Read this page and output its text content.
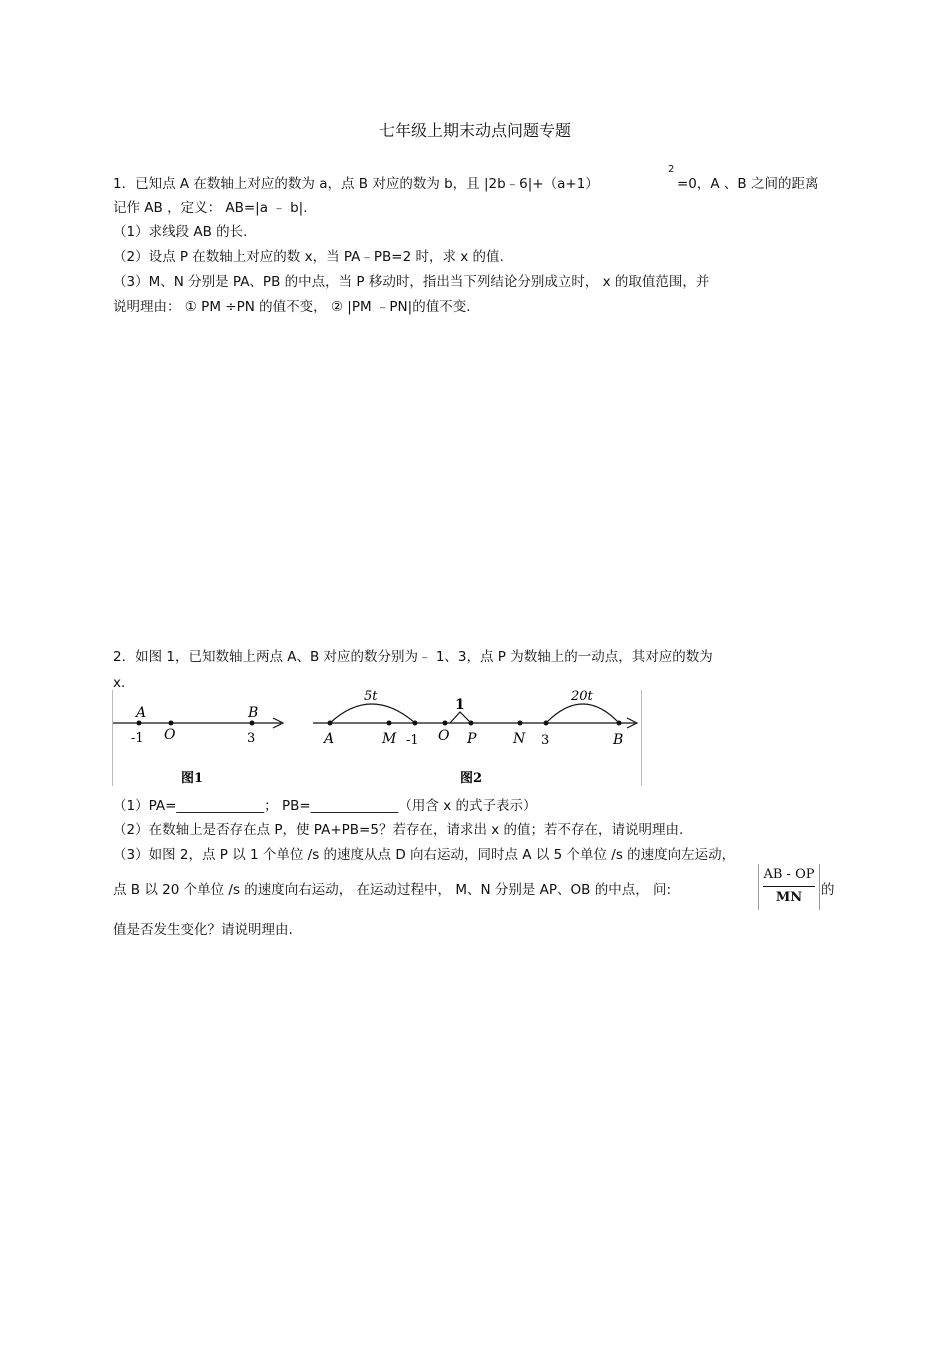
七年级上期末动点问题专题
1．已知点 A 在数轴上对应的数为 a，点 B 对应的数为 b，且 |2b﹣6|+（a+1）
2
=0，A 、B 之间的距离
记作 AB ，定义： AB=|a ﹣ b|.
（1）求线段 AB 的长.
（2）设点 P 在数轴上对应的数 x，当 PA﹣PB=2 时，求 x 的值.
（3）M、N 分别是 PA、PB 的中点，当 P 移动时，指出当下列结论分别成立时， x 的取值范围，并
说明理由： ① PM ÷PN 的值不变， ② |PM ﹣PN|的值不变.
2．如图 1，已知数轴上两点 A、B 对应的数分别为﹣ 1、3，点 P 为数轴上的一动点，其对应的数为
x．
A	B
-1 O	3
图1
5t
1
20t
A	M -1 O P	N 3	B
图2
（1）PA=_____________； PB=_____________（用含 x 的式子表示）
（2）在数轴上是否存在点 P，使 PA+PB=5？若存在，请求出 x 的值；若不存在，请说明理由.
（3）如图 2，点 P 以 1 个单位 /s 的速度从点 D 向右运动，同时点 A 以 5 个单位 /s 的速度向左运动，
点 B 以 20 个单位 /s 的速度向右运动， 在运动过程中， M、N 分别是 AP、OB 的中点， 问:
AB - OP
MN	的
值是否发生变化？请说明理由.
